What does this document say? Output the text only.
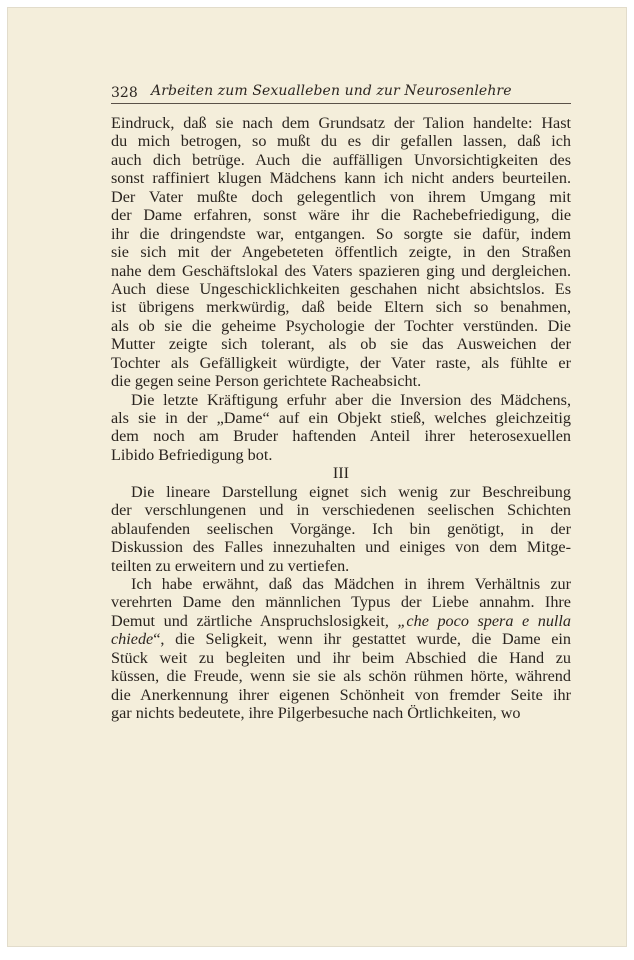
328 Arbeiten zum Sexualleben und zur Neurosenlehre
Eindruck, daß sie nach dem Grundsatz der Talion handelte: Hast
du mich betrogen, so mußt du es dir gefallen lassen, daß ich
auch dich betrüge. Auch die auffälligen Unvorsichtigkeiten des
sonst raffiniert klugen Mädchens kann ich nicht anders beurteilen.
Der Vater mußte doch gelegentlich von ihrem Umgang mit
der Dame erfahren, sonst wäre ihr die Rachebefriedigung, die
ihr die dringendste war, entgangen. So sorgte sie dafür, indem
sie sich mit der Angebeteten öffentlich zeigte, in den Straßen
nahe dem Geschäftslokal des Vaters spazieren ging und dergleichen.
Auch diese Ungeschicklichkeiten geschahen nicht absichtslos. Es
ist übrigens merkwürdig, daß beide Eltern sich so benahmen,
als ob sie die geheime Psychologie der Tochter verstünden. Die
Mutter zeigte sich tolerant, als ob sie das Ausweichen der
Tochter als Gefälligkeit würdigte, der Vater raste, als fühlte er
die gegen seine Person gerichtete Racheabsicht.
Die letzte Kräftigung erfuhr aber die Inversion des Mädchens,
als sie in der „Dame“ auf ein Objekt stieß, welches gleichzeitig
dem noch am Bruder haftenden Anteil ihrer heterosexuellen
Libido Befriedigung bot.
III
Die lineare Darstellung eignet sich wenig zur Beschreibung
der verschlungenen und in verschiedenen seelischen Schichten
ablaufenden seelischen Vorgänge. Ich bin genötigt, in der
Diskussion des Falles innezuhalten und einiges von dem Mitge-
teilten zu erweitern und zu vertiefen.
Ich habe erwähnt, daß das Mädchen in ihrem Verhältnis zur
verehrten Dame den männlichen Typus der Liebe annahm. Ihre
Demut und zärtliche Anspruchslosigkeit, „che poco spera e nulla
chiede“, die Seligkeit, wenn ihr gestattet wurde, die Dame ein
Stück weit zu begleiten und ihr beim Abschied die Hand zu
küssen, die Freude, wenn sie sie als schön rühmen hörte, während
die Anerkennung ihrer eigenen Schönheit von fremder Seite ihr
gar nichts bedeutete, ihre Pilgerbesuche nach Örtlichkeiten, wo
